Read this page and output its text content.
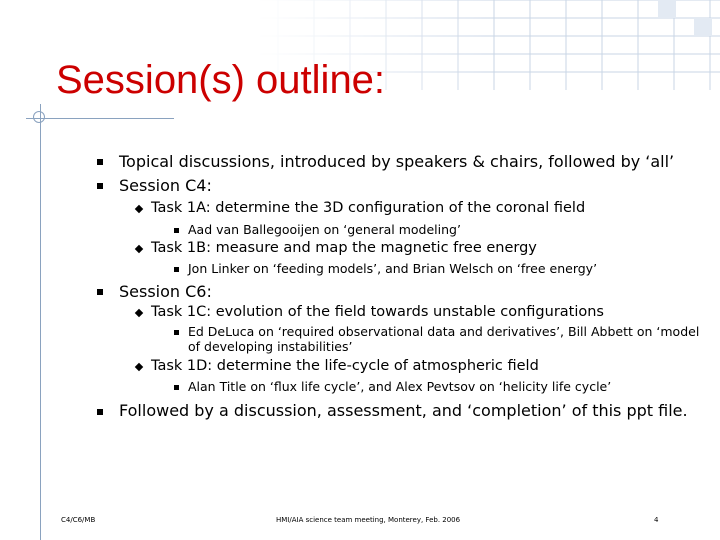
Session(s) outline:
Topical discussions, introduced by speakers & chairs, followed by ‘all’
Session C4:
Task 1A: determine the 3D configuration of the coronal field
Aad van Ballegooijen on ‘general modeling’
Task 1B: measure and map the magnetic free energy
Jon Linker on ‘feeding models’, and Brian Welsch on ‘free energy’
Session C6:
Task 1C: evolution of the field towards unstable configurations
Ed DeLuca on ‘required observational data and derivatives’, Bill Abbett on ‘model
of developing instabilities’
Task 1D: determine the life-cycle of atmospheric field
Alan Title on ‘flux life cycle’, and Alex Pevtsov on ‘helicity life cycle’
Followed by a discussion, assessment, and ‘completion’ of this ppt file.
C4/C6/MB	HMI/AIA science team meeting, Monterey, Feb. 2006	4
